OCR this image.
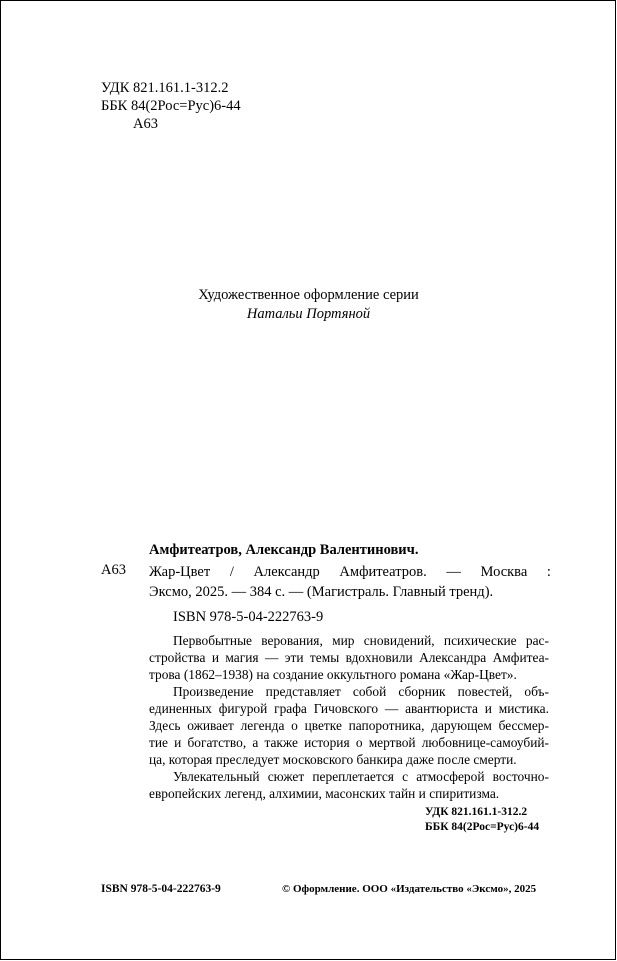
УДК 821.161.1-312.2
ББК 84(2Рос=Рус)6-44
А63
Художественное оформление серии
Натальи Портяной
Амфитеатров, Александр Валентинович.
А63 Жар-Цвет / Александр Амфитеатров. — Москва :
Эксмо, 2025. — 384 с. — (Магистраль. Главный тренд).
ISBN 978-5-04-222763-9
Первобытные верования, мир сновидений, психические рас-
стройства и магия — эти темы вдохновили Александра Амфитеа-
трова (1862–1938) на создание оккультного романа «Жар-Цвет».
Произведение представляет собой сборник повестей, объ-
единенных фигурой графа Гичовского — авантюриста и мистика.
Здесь оживает легенда о цветке папоротника, дарующем бессмер-
тие и богатство, а также история о мертвой любовнице-самоубий-
ца, которая преследует московского банкира даже после смерти.
Увлекательный сюжет переплетается с атмосферой восточно-
европейских легенд, алхимии, масонских тайн и спиритизма.
УДК 821.161.1-312.2
ББК 84(2Рос=Рус)6-44
ISBN 978-5-04-222763-9	© Оформление. ООО «Издательство «Эксмо», 2025
